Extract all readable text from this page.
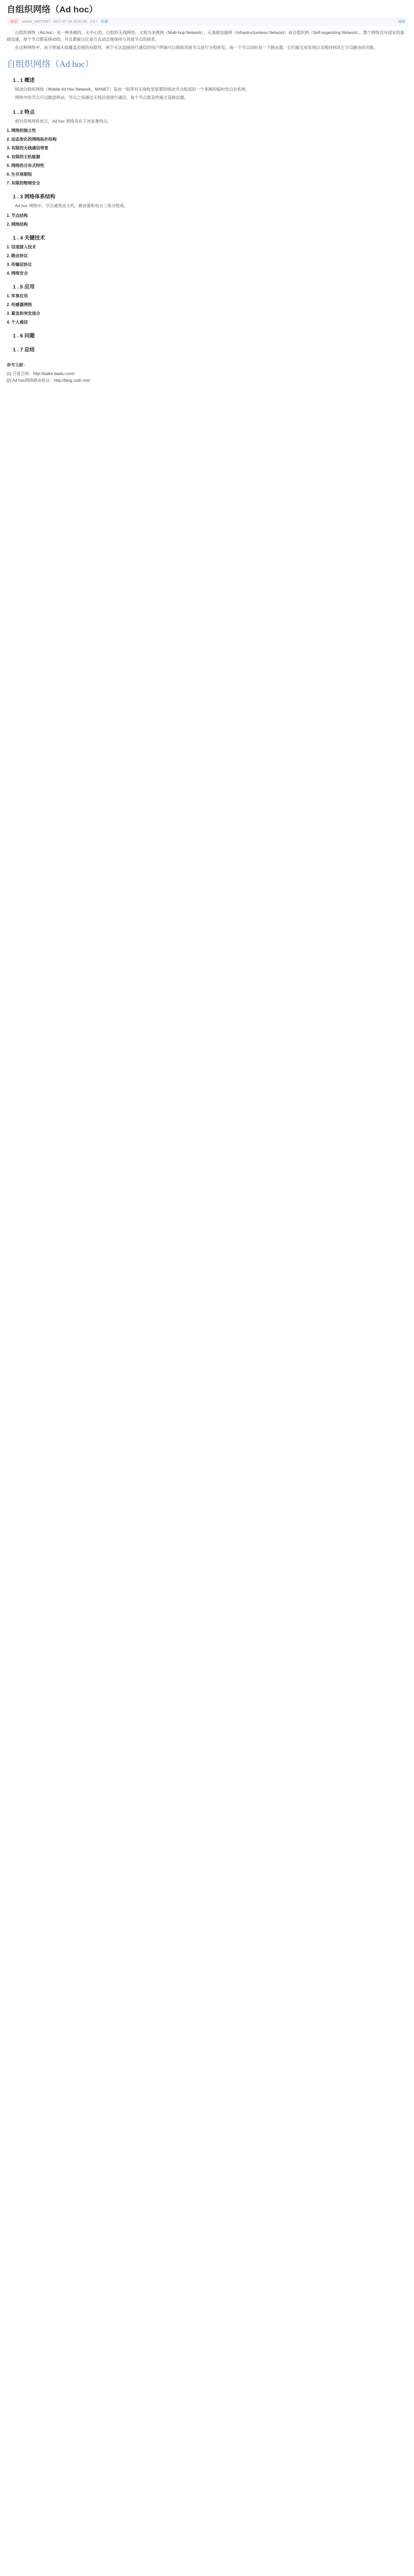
自组织网络（Ad hoc）
原创	weixin_34072637 2017-07-14 20:41:08 1万+ 收藏	编辑

自组织网络（Ad hoc）是一种多跳的、无中心的、自组织无线网络，又称为多跳网（Multi-hop Network）、无基础设施网（Infrastructureless Network）或自组织网（Self-organizing Network）。整个网络没有固定的基础设施，每个节点都是移动的，并且都能以任意方式动态地保持与其他节点的联系。

在这种网络中，由于终端无线覆盖范围的有限性，两个无法直接进行通信的用户终端可以借助其他节点进行分组转发。每一个节点同时是一个路由器，它们能完成发现以及维持到其它节点路由的功能。

自组织网络（Ad hoc）
1 . 1 概述

移动自组织网络（Mobile Ad Hoc Network，MANET）是由一组带有无线收发装置的移动节点组成的一个多跳的临时性自治系统。

网络中的节点可以随意移动，节点之间通过无线信道进行通信，每个节点既是终端又是路由器。

1 . 2 特点

相对常规网络而言，Ad hoc 网络具有下述显著特点。

1. 网络的独立性
2. 动态变化的网络拓扑结构
3. 有限的无线通信带宽
4. 有限的主机能源
5. 网络的分布式特性
6. 生存周期短
7. 有限的物理安全
1 . 3 网络体系结构

Ad hoc 网络中，节点通常由主机、路由器和电台三部分组成。

1. 节点结构
2. 网络结构
1 . 4 关键技术
1. 信道接入技术
2. 路由协议
3. 传输层协议
4. 网络安全
1 . 5 应用
1. 军事应用
2. 传感器网络
3. 紧急和突发场合
4. 个人通信
1 . 6 问题
1 . 7 总结
参考文献：
[1] 百度百科：http://baike.baidu.com/
[2] Ad hoc网络路由协议：http://blog.csdn.net/
